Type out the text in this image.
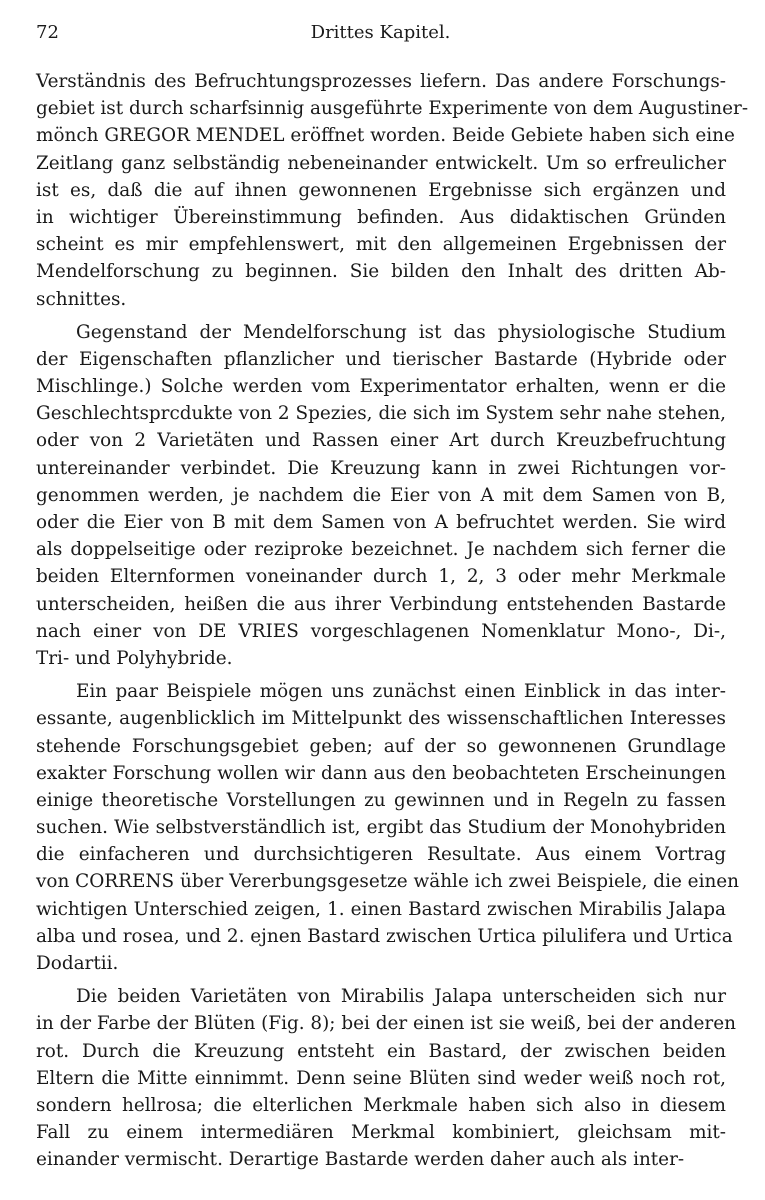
72	Drittes Kapitel.
Verständnis des Befruchtungsprozesses liefern. Das andere Forschungs-
gebiet ist durch scharfsinnig ausgeführte Experimente von dem Augustiner-
mönch GREGOR MENDEL eröffnet worden. Beide Gebiete haben sich eine
Zeitlang ganz selbständig nebeneinander entwickelt. Um so erfreulicher
ist es, daß die auf ihnen gewonnenen Ergebnisse sich ergänzen und
in wichtiger Übereinstimmung befinden. Aus didaktischen Gründen
scheint es mir empfehlenswert, mit den allgemeinen Ergebnissen der
Mendelforschung zu beginnen. Sie bilden den Inhalt des dritten Ab-
schnittes.
Gegenstand der Mendelforschung ist das physiologische Studium
der Eigenschaften pflanzlicher und tierischer Bastarde (Hybride oder
Mischlinge.) Solche werden vom Experimentator erhalten, wenn er die
Geschlechtsprcdukte von 2 Spezies, die sich im System sehr nahe stehen,
oder von 2 Varietäten und Rassen einer Art durch Kreuzbefruchtung
untereinander verbindet. Die Kreuzung kann in zwei Richtungen vor-
genommen werden, je nachdem die Eier von A mit dem Samen von B,
oder die Eier von B mit dem Samen von A befruchtet werden. Sie wird
als doppelseitige oder reziproke bezeichnet. Je nachdem sich ferner die
beiden Elternformen voneinander durch 1, 2, 3 oder mehr Merkmale
unterscheiden, heißen die aus ihrer Verbindung entstehenden Bastarde
nach einer von DE VRIES vorgeschlagenen Nomenklatur Mono-, Di-,
Tri- und Polyhybride.
Ein paar Beispiele mögen uns zunächst einen Einblick in das inter-
essante, augenblicklich im Mittelpunkt des wissenschaftlichen Interesses
stehende Forschungsgebiet geben; auf der so gewonnenen Grundlage
exakter Forschung wollen wir dann aus den beobachteten Erscheinungen
einige theoretische Vorstellungen zu gewinnen und in Regeln zu fassen
suchen. Wie selbstverständlich ist, ergibt das Studium der Monohybriden
die einfacheren und durchsichtigeren Resultate. Aus einem Vortrag
von CORRENS über Vererbungsgesetze wähle ich zwei Beispiele, die einen
wichtigen Unterschied zeigen, 1. einen Bastard zwischen Mirabilis Jalapa
alba und rosea, und 2. ejnen Bastard zwischen Urtica pilulifera und Urtica
Dodartii.
Die beiden Varietäten von Mirabilis Jalapa unterscheiden sich nur
in der Farbe der Blüten (Fig. 8); bei der einen ist sie weiß, bei der anderen
rot. Durch die Kreuzung entsteht ein Bastard, der zwischen beiden
Eltern die Mitte einnimmt. Denn seine Blüten sind weder weiß noch rot,
sondern hellrosa; die elterlichen Merkmale haben sich also in diesem
Fall zu einem intermediären Merkmal kombiniert, gleichsam mit-
einander vermischt. Derartige Bastarde werden daher auch als inter-
